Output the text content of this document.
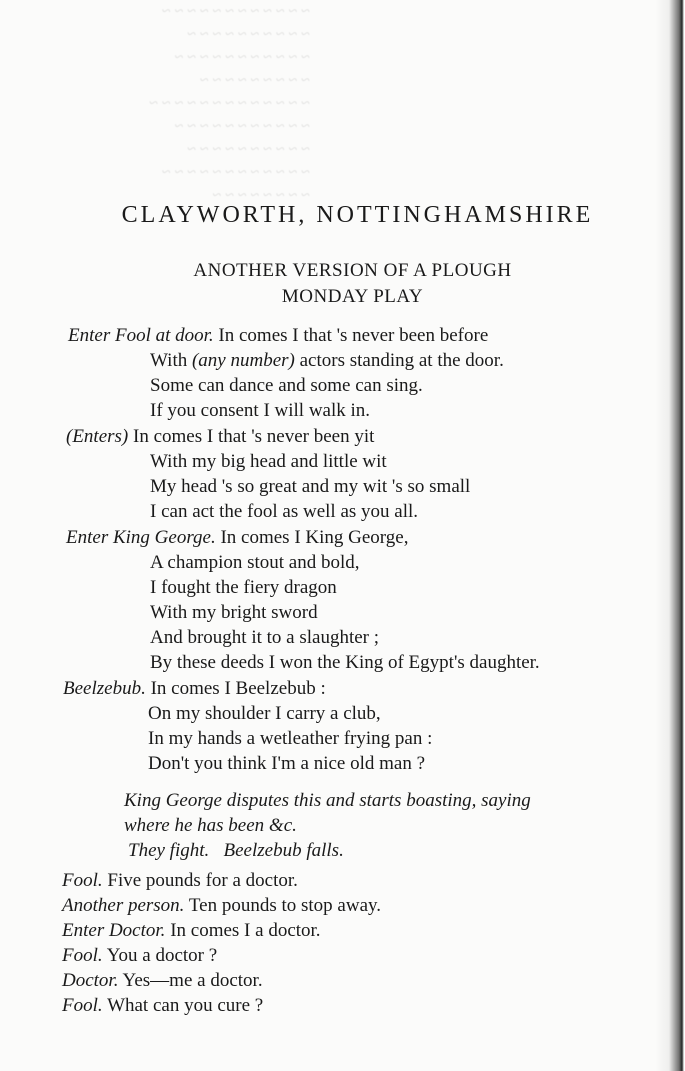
~ ~ ~ ~ ~ ~ ~ ~ ~ ~ ~ ~
~ ~ ~ ~ ~ ~ ~ ~ ~ ~
~ ~ ~ ~ ~ ~ ~ ~ ~ ~ ~
~ ~ ~ ~ ~ ~ ~ ~ ~
~ ~ ~ ~ ~ ~ ~ ~ ~ ~ ~ ~ ~
~ ~ ~ ~ ~ ~ ~ ~ ~ ~ ~
~ ~ ~ ~ ~ ~ ~ ~ ~ ~
~ ~ ~ ~ ~ ~ ~ ~ ~ ~ ~ ~
~ ~ ~ ~ ~ ~ ~ ~
CLAYWORTH, NOTTINGHAMSHIRE
ANOTHER VERSION OF A PLOUGH
MONDAY PLAY
Enter Fool at door. In comes I that 's never been before
With (any number) actors standing at the door.
Some can dance and some can sing.
If you consent I will walk in.
(Enters) In comes I that 's never been yit
With my big head and little wit
My head 's so great and my wit 's so small
I can act the fool as well as you all.
Enter King George. In comes I King George,
A champion stout and bold,
I fought the fiery dragon
With my bright sword
And brought it to a slaughter ;
By these deeds I won the King of Egypt's daughter.
Beelzebub. In comes I Beelzebub :
On my shoulder I carry a club,
In my hands a wetleather frying pan :
Don't you think I'm a nice old man ?
King George disputes this and starts boasting, saying
where he has been &c.
They fight.   Beelzebub falls.
Fool. Five pounds for a doctor.
Another person. Ten pounds to stop away.
Enter Doctor. In comes I a doctor.
Fool. You a doctor ?
Doctor. Yes—me a doctor.
Fool. What can you cure ?
